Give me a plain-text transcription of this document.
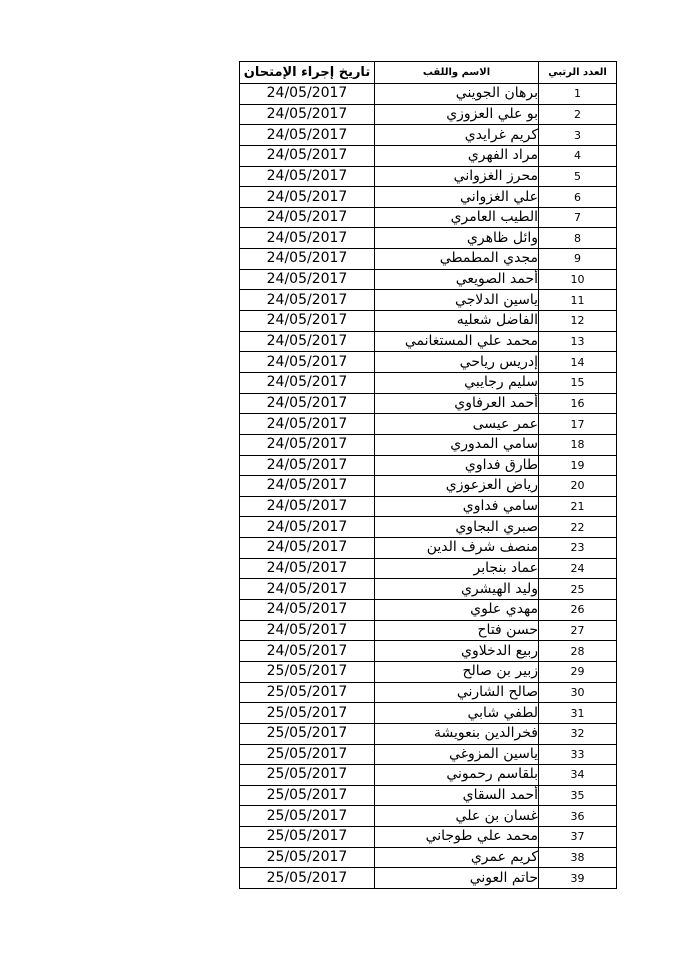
العدد الرتبي	الاسم واللقب	تاريخ إجراء الإمتحان
1	برهان الجويني	24/05/2017
2	بو علي العزوزي	24/05/2017
3	كريم غرايدي	24/05/2017
4	مراد الفهري	24/05/2017
5	محرز الغزواني	24/05/2017
6	علي الغزواني	24/05/2017
7	الطيب العامري	24/05/2017
8	وائل ظاهري	24/05/2017
9	مجدي المطمطي	24/05/2017
10	أحمد الصويعي	24/05/2017
11	ياسين الدلاجي	24/05/2017
12	الفاضل شعليه	24/05/2017
13	محمد علي المستغانمي	24/05/2017
14	إدريس رياحي	24/05/2017
15	سليم رجايبي	24/05/2017
16	أحمد العرفاوي	24/05/2017
17	عمر عيسى	24/05/2017
18	سامي المدوري	24/05/2017
19	طارق فداوي	24/05/2017
20	رياض العزعوزي	24/05/2017
21	سامي فداوي	24/05/2017
22	صبري البجاوي	24/05/2017
23	منصف شرف الدين	24/05/2017
24	عماد بنجابر	24/05/2017
25	وليد الهيشري	24/05/2017
26	مهدي علوي	24/05/2017
27	حسن فتاح	24/05/2017
28	ربيع الدخلاوي	24/05/2017
29	زبير بن صالح	25/05/2017
30	صالح الشارني	25/05/2017
31	لطفي شابي	25/05/2017
32	فخرالدين بنعويشة	25/05/2017
33	ياسين المزوغي	25/05/2017
34	بلقاسم رحموني	25/05/2017
35	أحمد السقاي	25/05/2017
36	غسان بن علي	25/05/2017
37	محمد علي طوجاني	25/05/2017
38	كريم عمري	25/05/2017
39	حاتم العوني	25/05/2017
